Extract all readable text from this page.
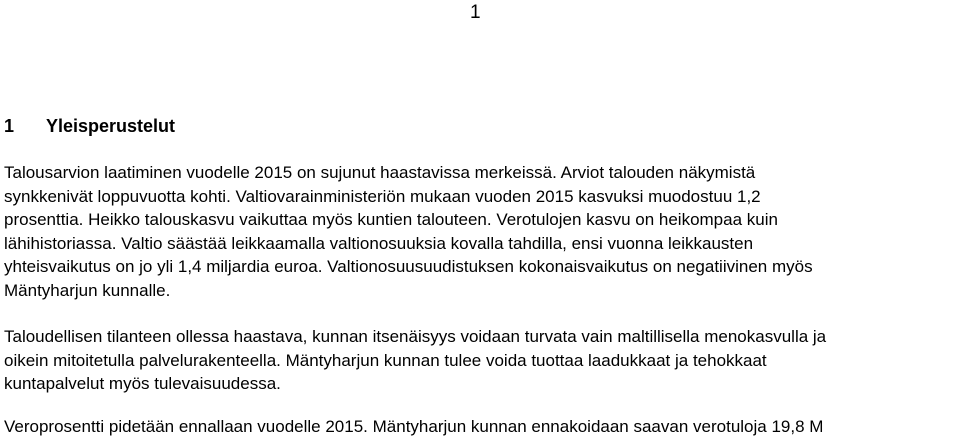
1
1 Yleisperustelut
Talousarvion laatiminen vuodelle 2015 on sujunut haastavissa merkeissä. Arviot talouden näkymistä
synkkenivät loppuvuotta kohti. Valtiovarainministeriön mukaan vuoden 2015 kasvuksi muodostuu 1,2
prosenttia. Heikko talouskasvu vaikuttaa myös kuntien talouteen. Verotulojen kasvu on heikompaa kuin
lähihistoriassa. Valtio säästää leikkaamalla valtionosuuksia kovalla tahdilla, ensi vuonna leikkausten
yhteisvaikutus on jo yli 1,4 miljardia euroa. Valtionosuusuudistuksen kokonaisvaikutus on negatiivinen myös
Mäntyharjun kunnalle.
Taloudellisen tilanteen ollessa haastava, kunnan itsenäisyys voidaan turvata vain maltillisella menokasvulla ja
oikein mitoitetulla palvelurakenteella. Mäntyharjun kunnan tulee voida tuottaa laadukkaat ja tehokkaat
kuntapalvelut myös tulevaisuudessa.
Veroprosentti pidetään ennallaan vuodelle 2015. Mäntyharjun kunnan ennakoidaan saavan verotuloja 19,8 M
